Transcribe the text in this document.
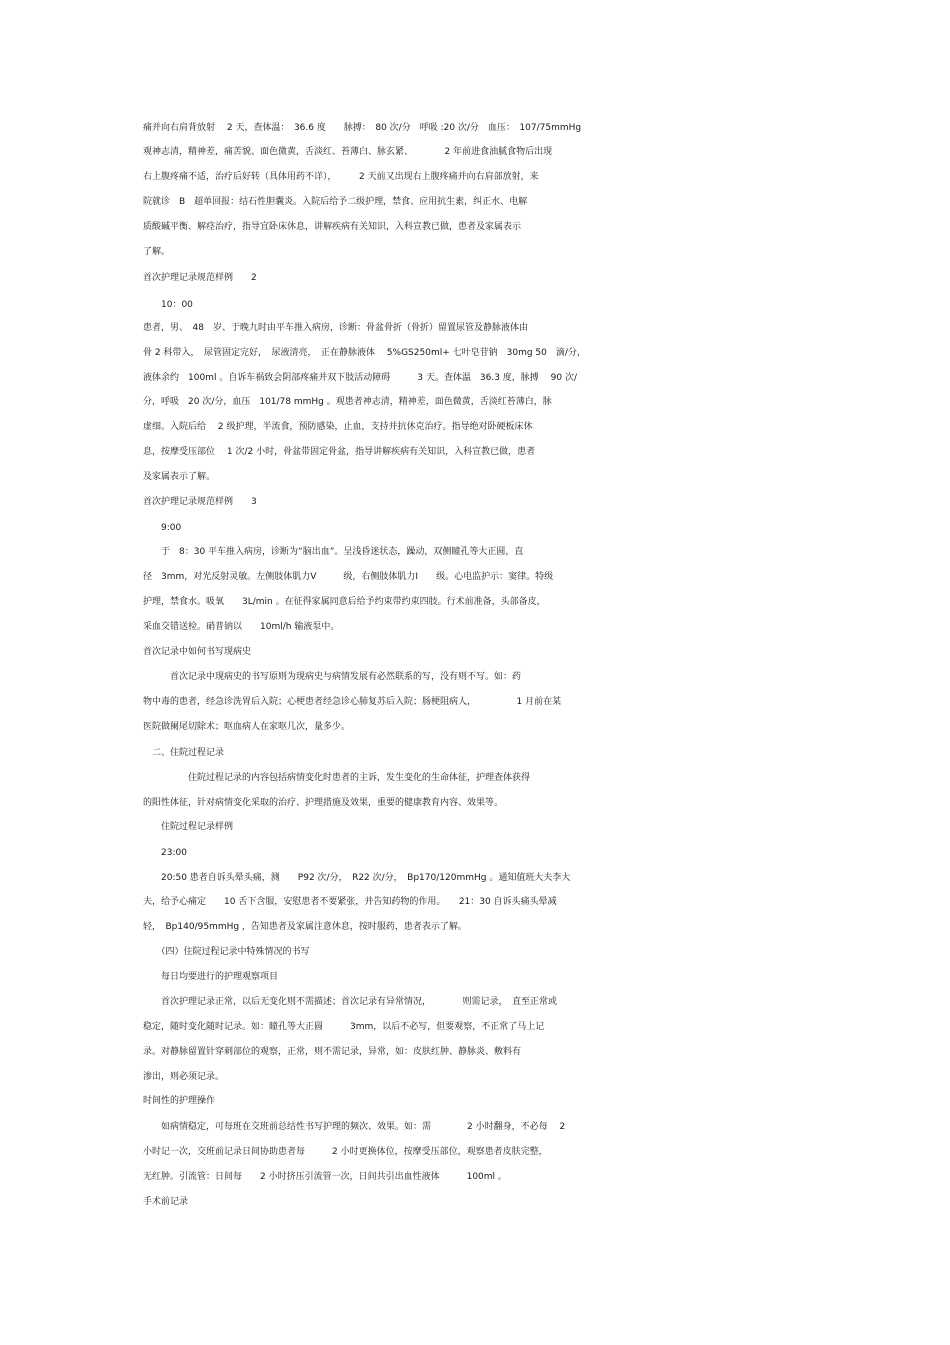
痛并向右肩背放射　 2 天，查体温：　36.6 度　　脉搏：　80 次/分　呼吸 :20 次/分　血压：　107/75mmHg
观神志清，精神差，痛苦貌、面色微黄，舌淡红、苔薄白、脉玄紧、　　　　2 年前进食油腻食物后出现
右上腹疼痛不适，治疗后好转（具体用药不详），　　　2 天前又出现右上腹疼痛并向右肩部放射，来
院就诊　B　超单回报：结石性胆囊炎。入院后给予二级护理，禁食、应用抗生素，纠正水、电解
质酸碱平衡、解痉治疗，指导宜卧床休息，讲解疾病有关知识，入科宣教已做，患者及家属表示
了解。
首次护理记录规范样例　　2
　　10：00
患者，男、　48　岁、于晚九时由平车推入病房，诊断：骨盆骨折（骨折）留置尿管及静脉液体由
骨 2 科带入，　尿管固定完好，　尿液清亮，　正在静脉液体　 5%GS250ml+ 七叶皂苷钠　30mg 50　滴/分，
液体余约　100ml 。自诉车祸致会阴部疼痛并双下肢活动障碍　　　3 天。查体温　36.3 度，脉搏　 90 次/
分，呼吸　20 次/分，血压　101/78 mmHg 。观患者神志清，精神差，面色微黄，舌淡红苔薄白，脉
虚细。入院后给　 2 级护理，半流食，预防感染，止血，支持并抗休克治疗。指导绝对卧硬板床休
息，按摩受压部位　 1 次/2 小时，骨盆带固定骨盆，指导讲解疾病有关知识，入科宣教已做，患者
及家属表示了解。
首次护理记录规范样例　　3
　　9:00
　　于　8：30 平车推入病房，诊断为“脑出血”。呈浅昏迷状态，躁动，双侧瞳孔等大正圆，直
径　3mm，对光反射灵敏。左侧肢体肌力Ⅴ　　　级，右侧肢体肌力Ⅰ　　级。心电监护示：窦律。特级
护理，禁食水。吸氧　　3L/min 。在征得家属同意后给予约束带约束四肢。行术前准备，头部备皮，
采血交错送检。硝普钠以　　10ml/h 输液泵中。
首次记录中如何书写现病史
　　　首次记录中现病史的书写原则为现病史与病情发展有必然联系的写，没有则不写。如：药
物中毒的患者，经急诊洗胃后入院；心梗患者经急诊心肺复苏后入院；肠梗阻病人，　　　　　1 月前在某
医院做阑尾切除术；呕血病人在家呕几次，量多少。
　二、住院过程记录
　　　　　住院过程记录的内容包括病情变化时患者的主诉，发生变化的生命体征，护理查体获得
的阳性体征，针对病情变化采取的治疗、护理措施及效果，重要的健康教育内容、效果等。
　　住院过程记录样例
　　23:00
　　20:50 患者自诉头晕头痛，测　　P92 次/分，　R22 次/分，　Bp170/120mmHg 。通知值班大夫李大
夫，给予心痛定　　10 舌下含服，安慰患者不要紧张，并告知药物的作用。　　21：30 自诉头痛头晕减
轻，　Bp140/95mmHg ，告知患者及家属注意休息，按时服药，患者表示了解。
　　（四）住院过程记录中特殊情况的书写
　　每日均要进行的护理观察项目
　　首次护理记录正常，以后无变化则不需描述；首次记录有异常情况，　　　　则需记录，　直至正常或
稳定，随时变化随时记录。如：瞳孔等大正圆　　　3mm，以后不必写，但要观察，不正常了马上记
录。对静脉留置针穿刺部位的观察，正常，则不需记录，异常，如：皮肤红肿、静脉炎、敷料有
渗出，则必须记录。
时间性的护理操作
　　如病情稳定，可每班在交班前总结性书写护理的频次、效果。如：需　　　　2 小时翻身，不必每　 2
小时记一次，交班前记录日间协助患者每　　　2 小时更换体位，按摩受压部位，观察患者皮肤完整，
无红肿。引流管：日间每　　2 小时挤压引流管一次，日间共引出血性液体　　　100ml 。
手术前记录
